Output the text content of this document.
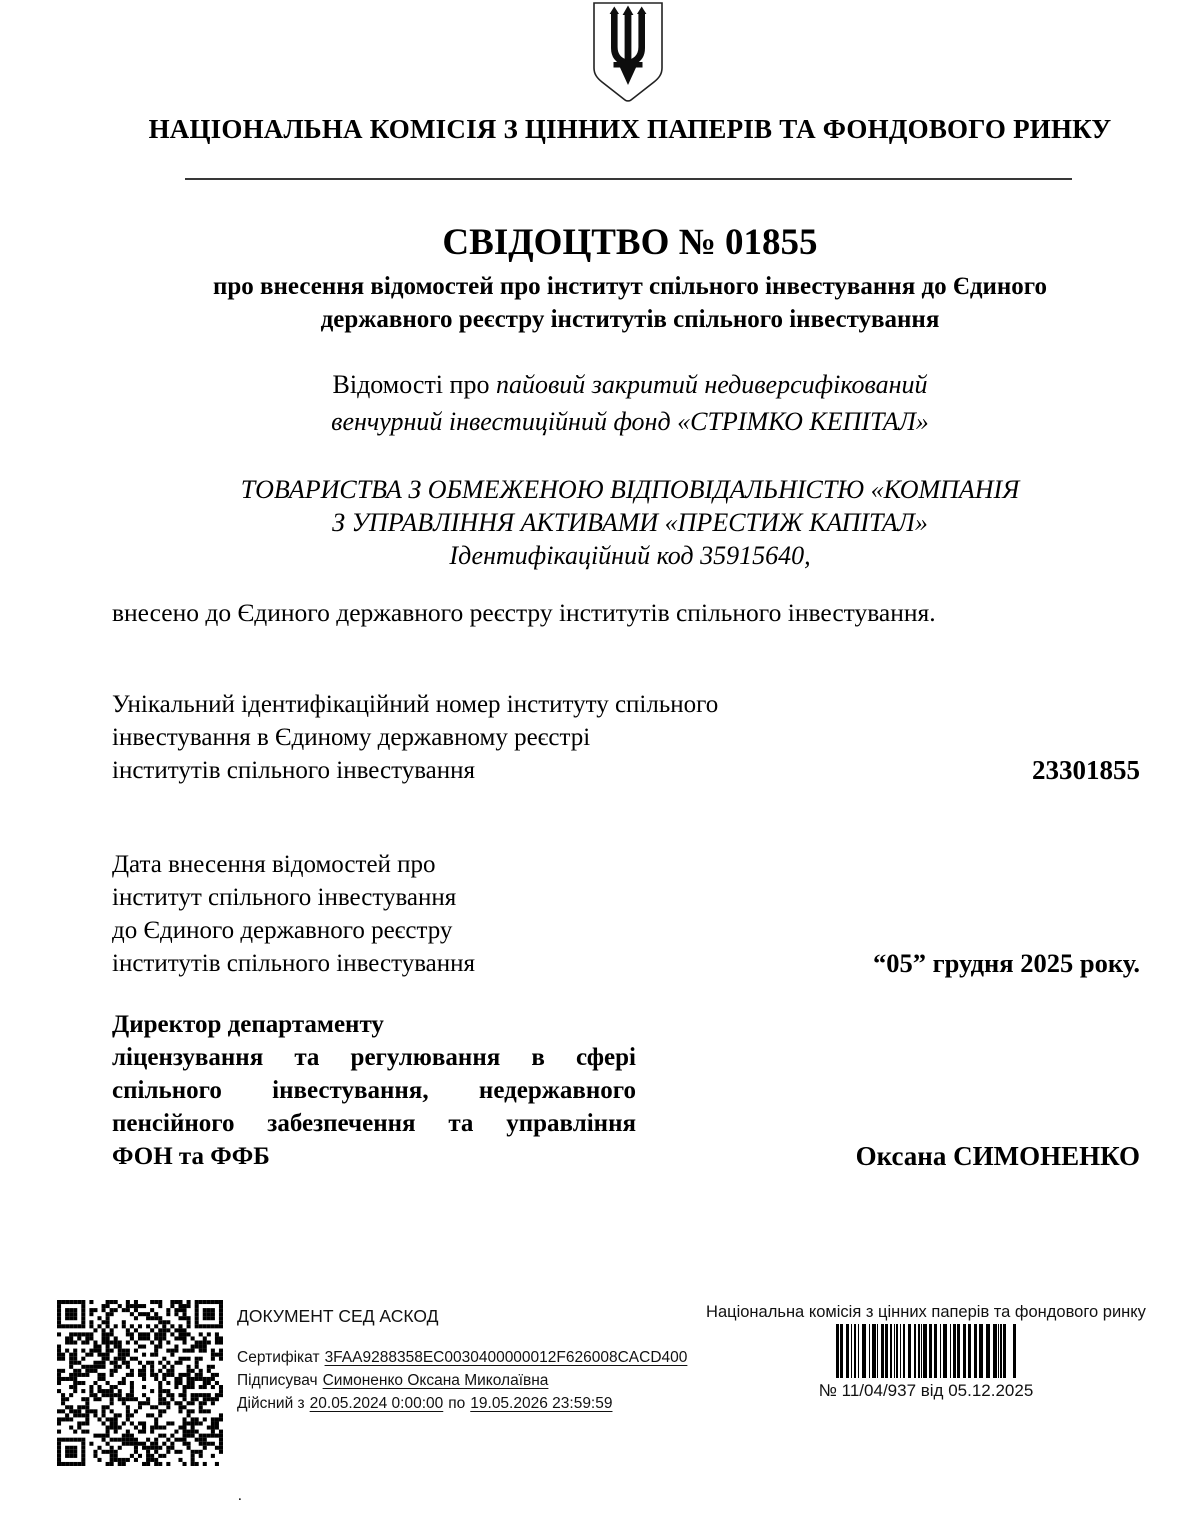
НАЦІОНАЛЬНА КОМІСІЯ З ЦІННИХ ПАПЕРІВ ТА ФОНДОВОГО РИНКУ
СВІДОЦТВО № 01855
про внесення відомостей про інститут спільного інвестування до Єдиного
державного реєстру інститутів спільного інвестування
Відомості про пайовий закритий недиверсифікований
венчурний інвестиційний фонд «СТРІМКО КЕПІТАЛ»
ТОВАРИСТВА З ОБМЕЖЕНОЮ ВІДПОВІДАЛЬНІСТЮ «КОМПАНІЯ
З УПРАВЛІННЯ АКТИВАМИ «ПРЕСТИЖ КАПІТАЛ»
Ідентифікаційний код 35915640,
внесено до Єдиного державного реєстру інститутів спільного інвестування.
Унікальний ідентифікаційний номер інституту спільного
інвестування в Єдиному державному реєстрі
інститутів спільного інвестування	23301855
Дата внесення відомостей про
інститут спільного інвестування
до Єдиного державного реєстру
інститутів спільного інвестування	“05” грудня 2025 року.
Директор департаменту
ліцензування та регулювання в сфері
спільного інвестування, недержавного
пенсійного забезпечення та управління
ФОН та ФФБ	Оксана СИМОНЕНКО
ДОКУМЕНТ СЕД АСКОД
Сертифікат 3FAA9288358EC0030400000012F626008CACD400
Підписувач Симоненко Оксана Миколаївна
Дійсний з 20.05.2024 0:00:00 по 19.05.2026 23:59:59
Національна комісія з цінних паперів та фондового ринку
№ 11/04/937 від 05.12.2025
.
